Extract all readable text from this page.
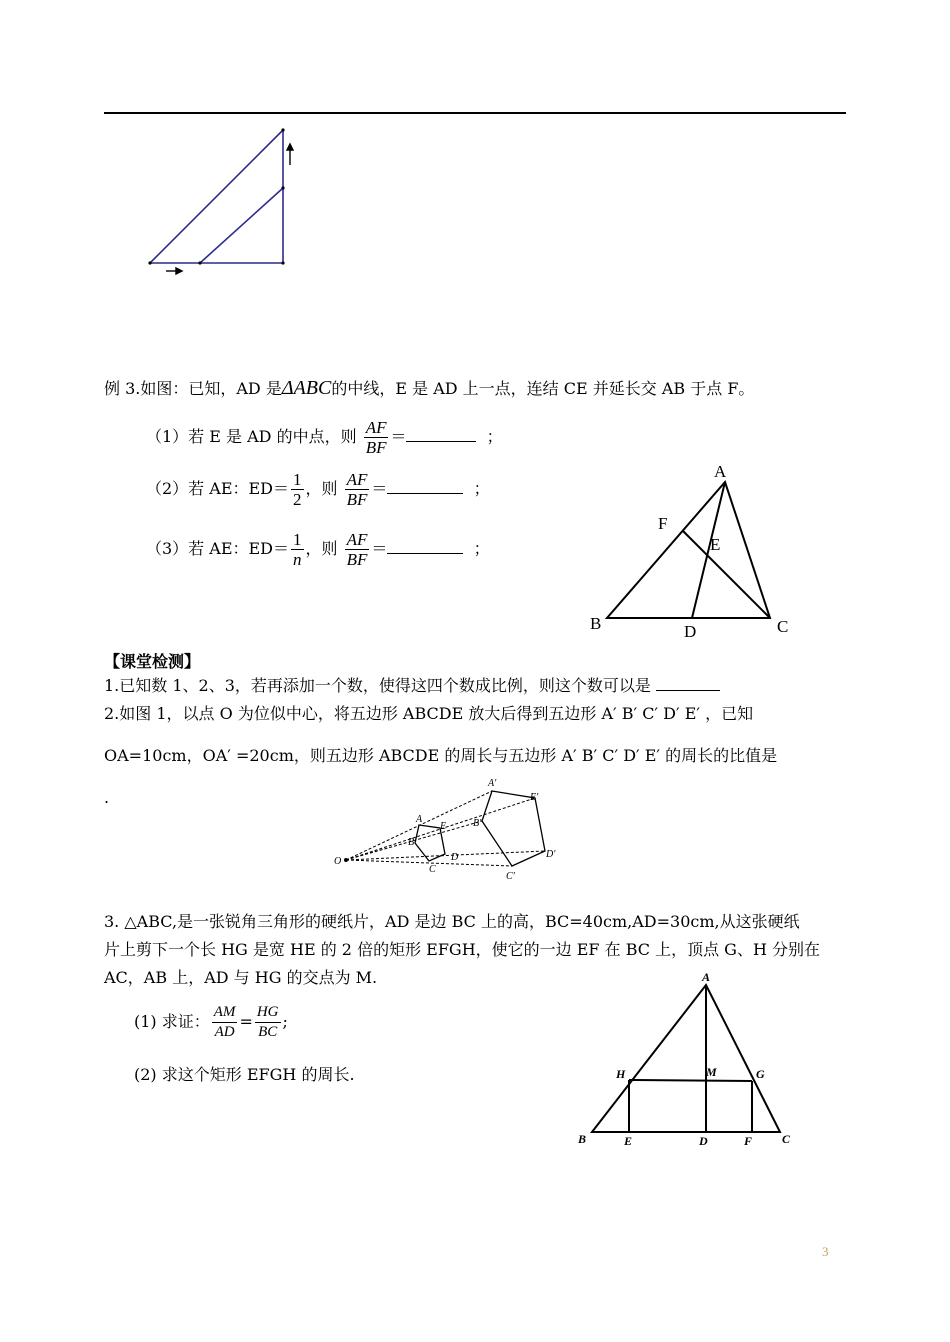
例 3.如图：已知，AD 是ΔABC的中线，E 是 AD 上一点，连结 CE 并延长交 AB 于点 F。
（1）若 E 是 AD 的中点，则 $\frac{AF}{BF}$ ＝	；
（2）若 AE：$ED= \frac{1}{2}$ ，则 $\frac{AF}{BF}$ ＝	；
（3）若 AE：$ED= \frac{1}{n}$ ，则 $\frac{AF}{BF}$ ＝	；
A
F
E
B	D	C
【课堂检测】
1.已知数 1、2、3，若再添加一个数，使得这四个数成比例，则这个数可以是
2.如图 1，以点 O 为位似中心，将五边形 ABCDE 放大后得到五边形 A′ B′ C′ D′ E′ ，已知
OA=10cm，OA′ =20cm，则五边形 ABCDE 的周长与五边形 A′ B′ C′ D′ E′ 的周长的比值是
.
O
A
B
C
D
E
A′
B′
C′
D′
E′
3. △ABC,是一张锐角三角形的硬纸片，AD 是边 BC 上的高，BC=40cm,AD=30cm,从这张硬纸
片上剪下一个长 HG 是宽 HE 的 2 倍的矩形 EFGH，使它的一边 EF 在 BC 上，顶点 G、H 分别在
AC，AB 上，AD 与 HG 的交点为 M.
(1) 求证： $\frac{AM}{AD} = \frac{HG}{BC}$ ;
(2) 求这个矩形 EFGH 的周长.
A
H	M	G
B	E	D	F C
3
